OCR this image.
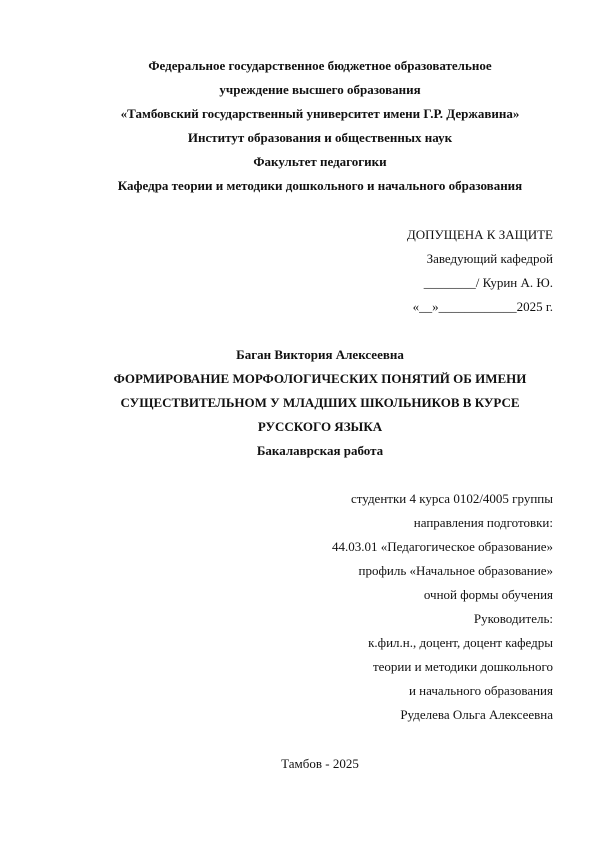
Федеральное государственное бюджетное образовательное
учреждение высшего образования
«Тамбовский государственный университет имени Г.Р. Державина»
Институт образования и общественных наук
Факультет педагогики
Кафедра теории и методики дошкольного и начального образования
ДОПУЩЕНА К ЗАЩИТЕ
Заведующий кафедрой
________/ Курин А. Ю.
«__»____________2025 г.
Баган Виктория Алексеевна
ФОРМИРОВАНИЕ МОРФОЛОГИЧЕСКИХ ПОНЯТИЙ ОБ ИМЕНИ
СУЩЕСТВИТЕЛЬНОМ У МЛАДШИХ ШКОЛЬНИКОВ В КУРСЕ
РУССКОГО ЯЗЫКА
Бакалаврская работа
студентки 4 курса 0102/4005 группы
направления подготовки:
44.03.01 «Педагогическое образование»
профиль «Начальное образование»
очной формы обучения
Руководитель:
к.фил.н., доцент, доцент кафедры
теории и методики дошкольного
и начального образования
Руделева Ольга Алексеевна
Тамбов - 2025
